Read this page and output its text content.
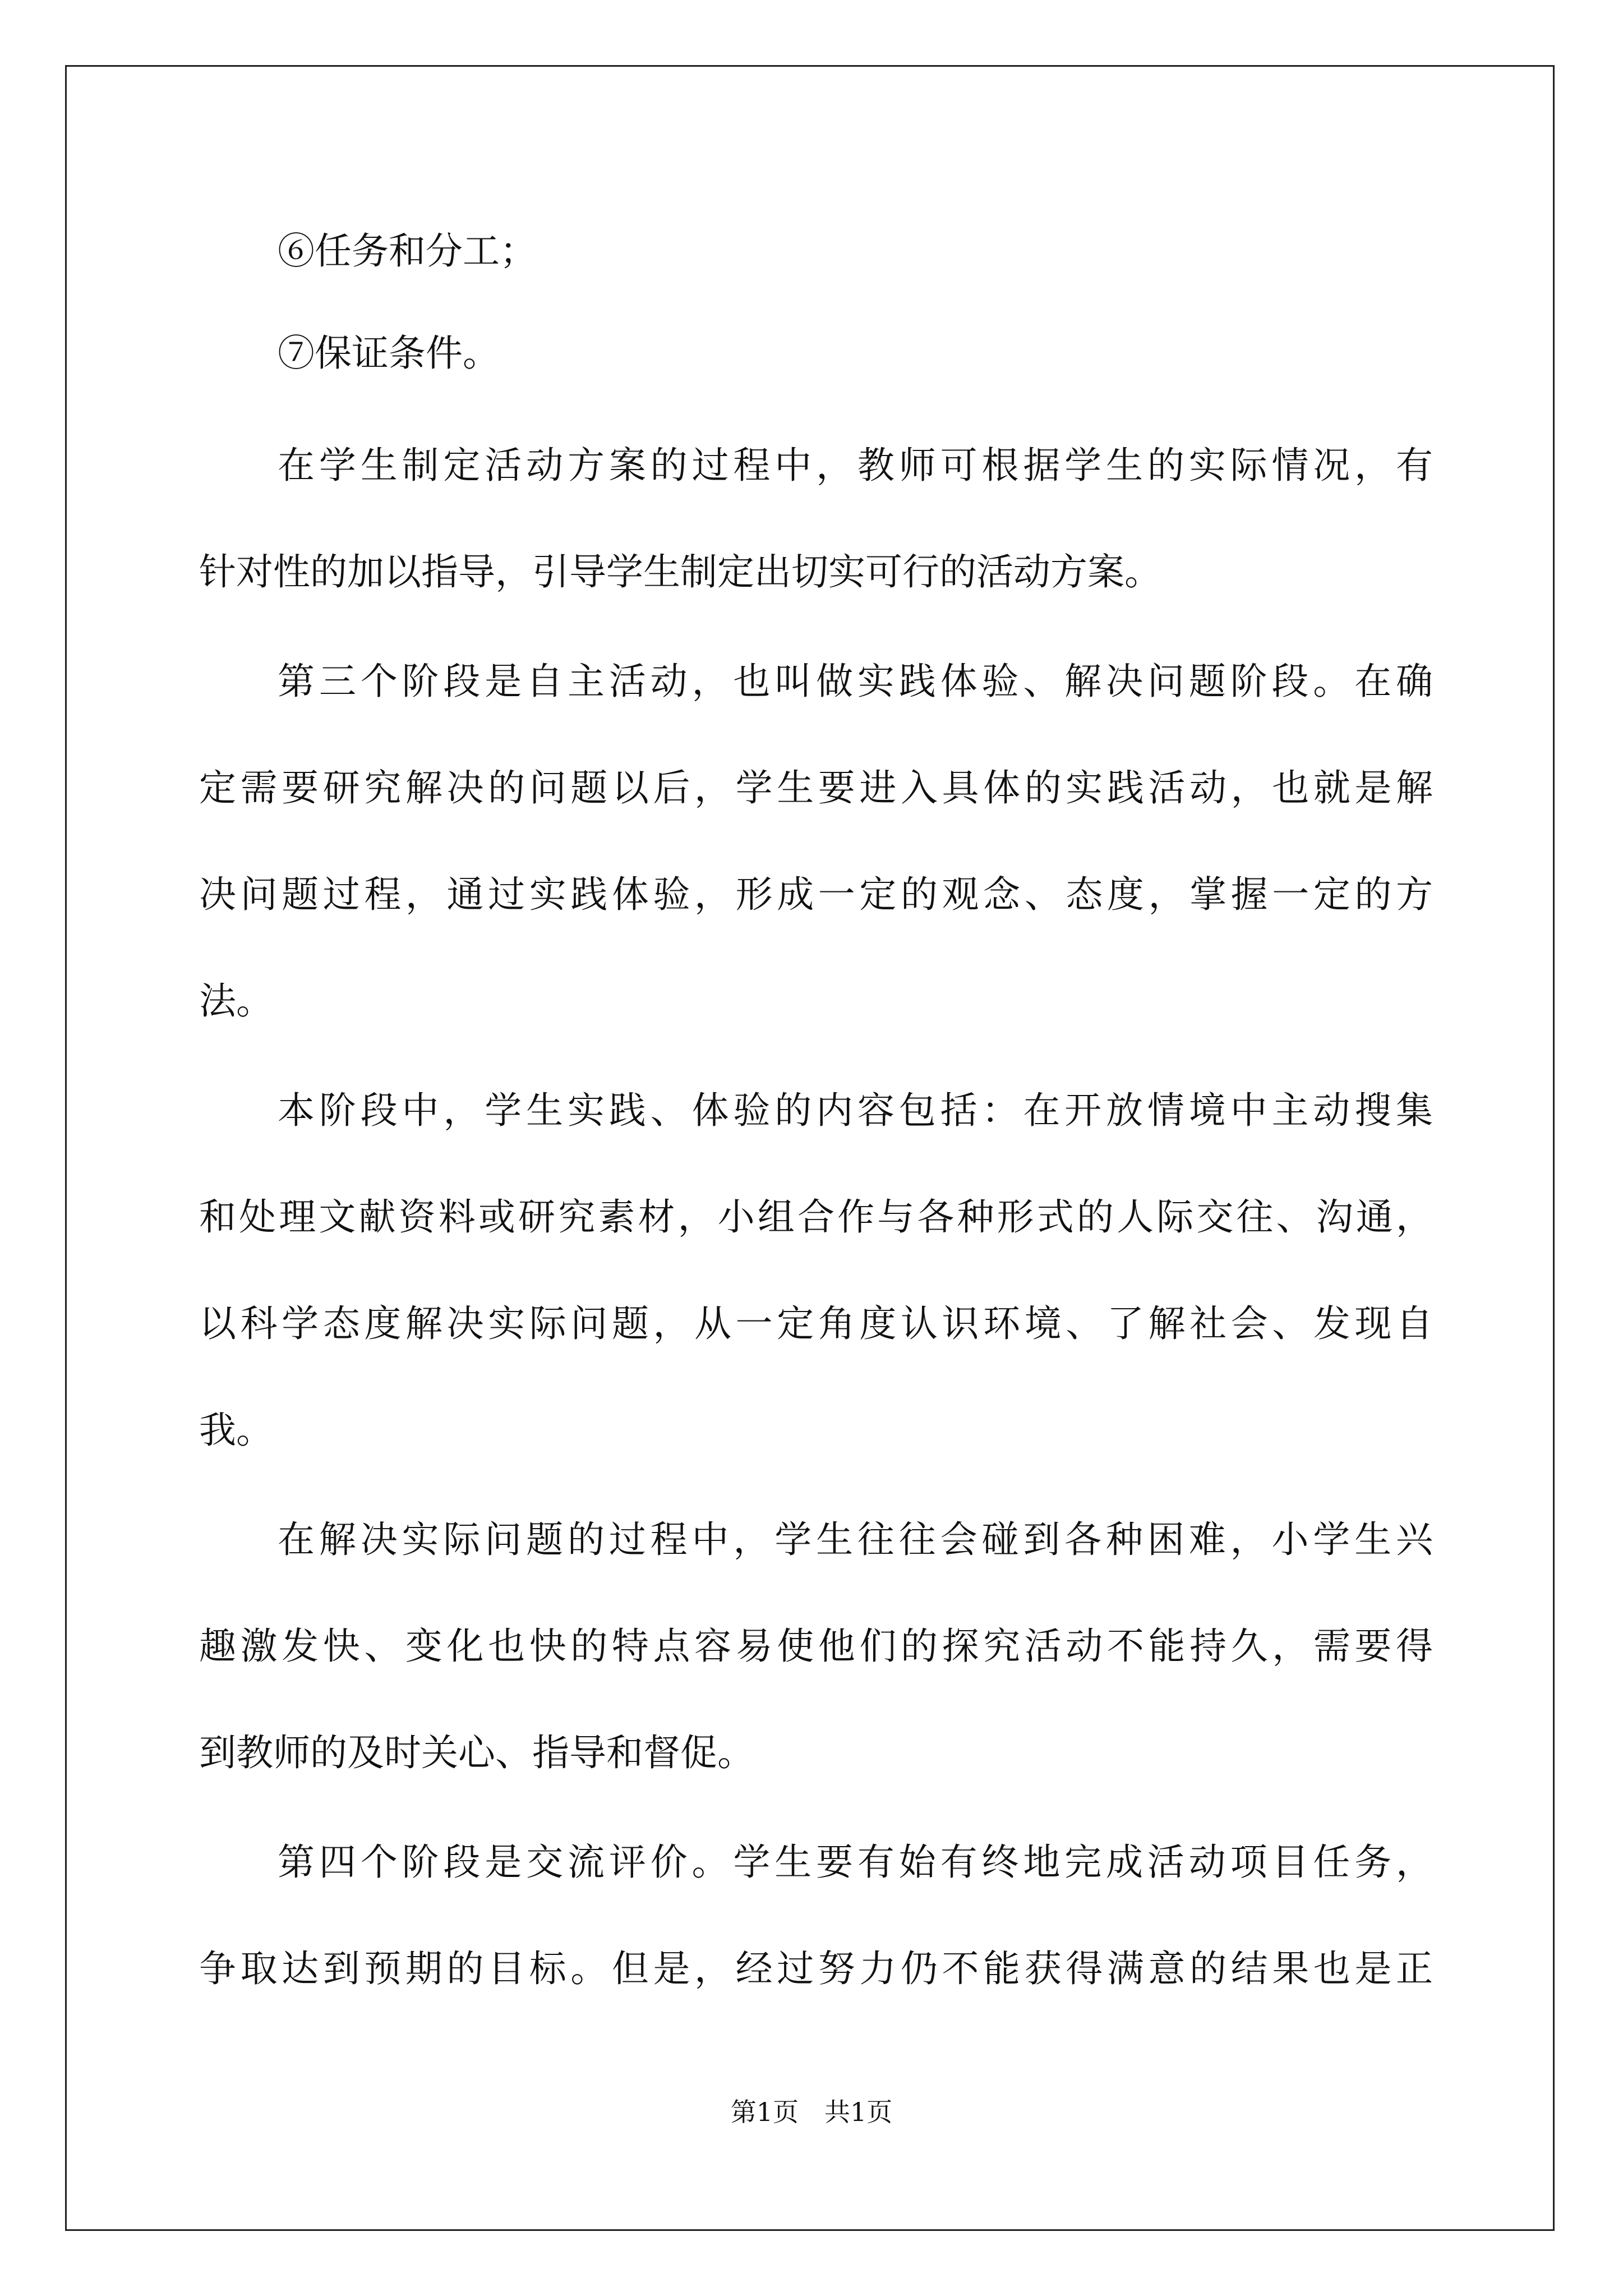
⑥任务和分工；
⑦保证条件。
在学生制定活动方案的过程中，教师可根据学生的实际情况，有
针对性的加以指导，引导学生制定出切实可行的活动方案。
第三个阶段是自主活动，也叫做实践体验、解决问题阶段。在确
定需要研究解决的问题以后，学生要进入具体的实践活动，也就是解
决问题过程，通过实践体验，形成一定的观念、态度，掌握一定的方
法。
本阶段中，学生实践、体验的内容包括：在开放情境中主动搜集
和处理文献资料或研究素材，小组合作与各种形式的人际交往、沟通，
以科学态度解决实际问题，从一定角度认识环境、了解社会、发现自
我。
在解决实际问题的过程中，学生往往会碰到各种困难，小学生兴
趣激发快、变化也快的特点容易使他们的探究活动不能持久，需要得
到教师的及时关心、指导和督促。
第四个阶段是交流评价。学生要有始有终地完成活动项目任务，
争取达到预期的目标。但是，经过努力仍不能获得满意的结果也是正
第1页　共1页
